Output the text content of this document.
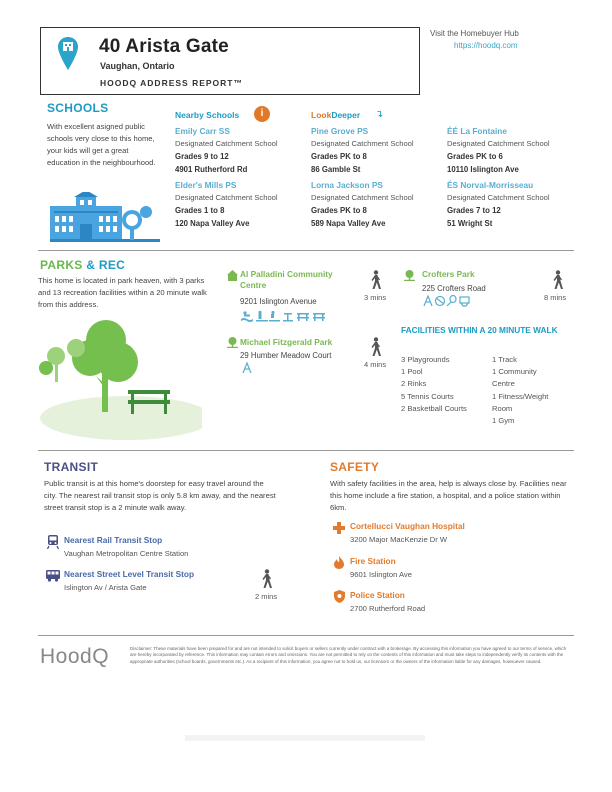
40 Arista Gate
Vaughan, Ontario
HOODQ ADDRESS REPORT™
Visit the Homebuyer Hub
https://hoodq.com
SCHOOLS
With excellent asigned public schools very close to this home, your kids will get a great education in the neighbourhood.
Nearby Schools	i	LookDeeper ↴
Emily Carr SS
Designated Catchment School
Grades 9 to 12
4901 Rutherford Rd
Pine Grove PS
Designated Catchment School
Grades PK to 8
86 Gamble St
ÉÉ La Fontaine
Designated Catchment School
Grades PK to 6
10110 Islington Ave
Elder's Mills PS
Designated Catchment School
Grades 1 to 8
120 Napa Valley Ave
Lorna Jackson PS
Designated Catchment School
Grades PK to 8
589 Napa Valley Ave
ÉS Norval-Morrisseau
Designated Catchment School
Grades 7 to 12
51 Wright St
PARKS & REC
This home is located in park heaven, with 3 parks and 13 recreation facilities within a 20 minute walk from this address.
Al Palladini Community Centre
9201 Islington Avenue	3 mins
Crofters Park
225 Crofters Road
8 mins
Michael Fitzgerald Park
29 Humber Meadow Court
4 mins
FACILITIES WITHIN A 20 MINUTE WALK
3 Playgrounds
1 Pool
2 Rinks
5 Tennis Courts
2 Basketball Courts
1 Track
1 Community
Centre
1 Fitness/Weight
Room
1 Gym
TRANSIT
Public transit is at this home's doorstep for easy travel around the city. The nearest rail transit stop is only 5.8 km away, and the nearest street transit stop is a 2 minute walk away.
Nearest Rail Transit Stop
Vaughan Metropolitan Centre Station
Nearest Street Level Transit Stop
Islington Av / Arista Gate
2 mins
SAFETY
With safety facilities in the area, help is always close by. Facilities near this home include a fire station, a hospital, and a police station within 6km.
Cortellucci Vaughan Hospital
3200 Major MacKenzie Dr W
Fire Station
9601 Islington Ave
Police Station
2700 Rutherford Road
HoodQ	Disclaimer: These materials have been prepared for and are not intended to solicit buyers or sellers currently under contract with a brokerage. By accessing this information you have agreed to our terms of service, which are hereby incorporated by reference. This information may contain errors and omissions. You are not permitted to rely on the contents of this information and must take steps to independently verify its contents with the appropriate authorities (school boards, governments etc.). As a recipient of this information, you agree not to hold us, our licensors or the owners of the information liable for any damages, howsoever caused.
